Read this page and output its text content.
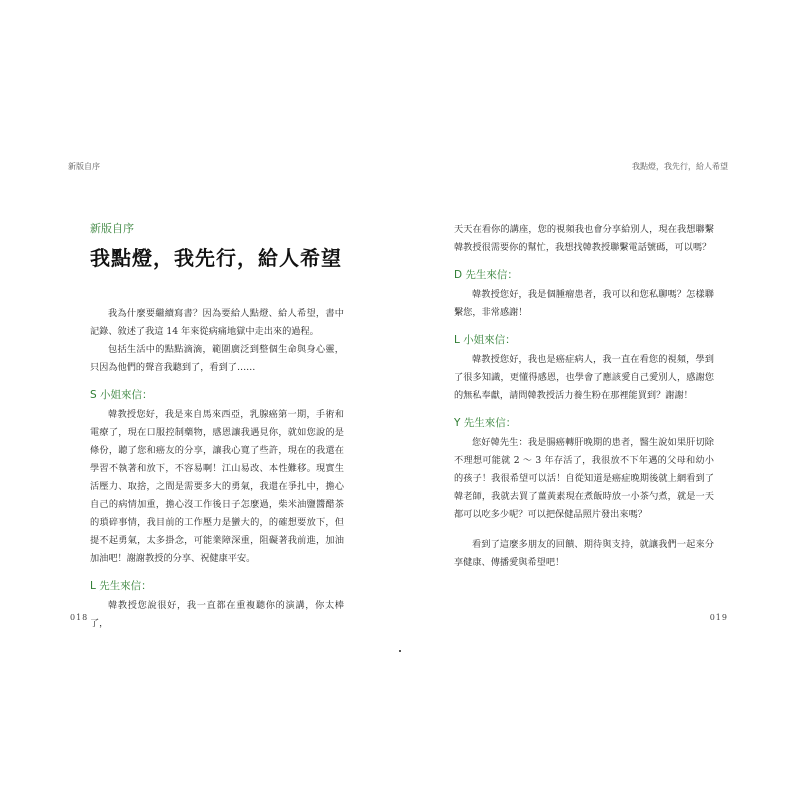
新版自序
新版自序
我點燈，我先行，給人希望

我為什麼要繼續寫書？因為要給人點燈、給人希望，書中記錄、敘述了我這 14 年來從病痛地獄中走出來的過程。

包括生活中的點點滴滴，範圍廣泛到整個生命與身心靈，只因為他們的聲音我聽到了，看到了……

S 小姐來信：

韓教授您好，我是來自馬來西亞，乳腺癌第一期，手術和電療了，現在口服控制藥物，感恩讓我遇見你，就如您說的是條份，聽了您和癌友的分享，讓我心寬了些許，現在的我還在學習不執著和放下，不容易啊！江山易改、本性難移。現實生活壓力、取捨，之間是需要多大的勇氣，我還在爭扎中，擔心自己的病情加重，擔心沒工作後日子怎麼過，柴米油鹽醬醋茶的瑣碎事情，我目前的工作壓力是蠻大的，的確想要放下，但提不起勇氣，太多掛念，可能業障深重，阻礙著我前進，加油加油吧！謝謝教授的分享、祝健康平安。

L 先生來信：

韓教授您說很好，我一直都在重複聽你的演講，你太棒了，

018
我點燈，我先行，給人希望

天天在看你的講座，您的視頻我也會分享給別人，現在我想聯繫韓教授很需要你的幫忙，我想找韓教授聯繫電話號碼，可以嗎？

D 先生來信：

韓教授您好，我是個腫瘤患者，我可以和您私聊嗎？怎樣聯繫您，非常感謝！

L 小姐來信：

韓教授您好，我也是癌症病人，我一直在看您的視頻，學到了很多知識，更懂得感恩，也學會了應該愛自己愛別人，感謝您的無私奉獻，請問韓教授活力養生粉在那裡能買到？謝謝！

Y 先生來信：

您好韓先生：我是腸癌轉肝晚期的患者，醫生說如果肝切除不理想可能就 2 ～ 3 年存活了，我很放不下年邁的父母和幼小的孩子！我很希望可以活！自從知道是癌症晚期後就上網看到了韓老師，我就去買了薑黃素現在煮飯時放一小茶勺煮，就是一天都可以吃多少呢？可以把保健品照片發出來嗎？

看到了這麼多朋友的回饋、期待與支持，就讓我們一起來分享健康、傳播愛與希望吧！

019
